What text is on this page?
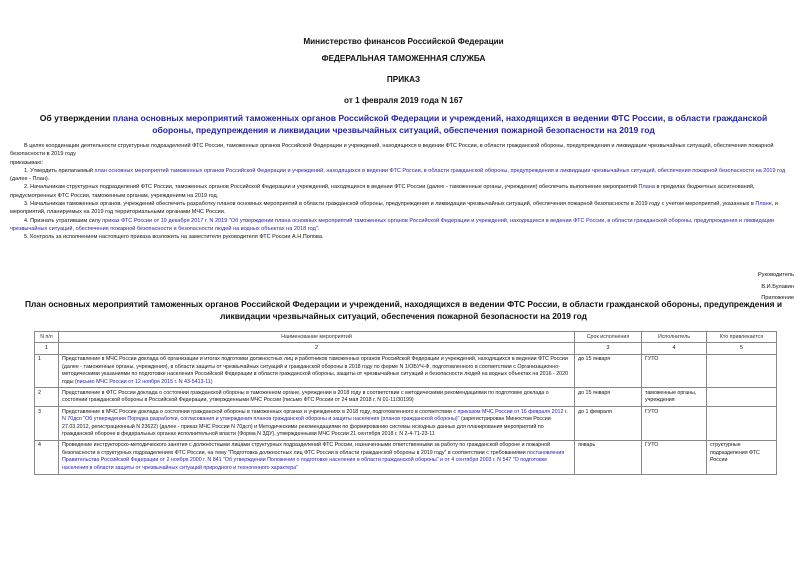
Министерство финансов Российской Федерации
ФЕДЕРАЛЬНАЯ ТАМОЖЕННАЯ СЛУЖБА
ПРИКАЗ
от 1 февраля 2019 года N 167
Об утверждении плана основных мероприятий таможенных органов Российской Федерации и учреждений, находящихся в ведении ФТС России, в области гражданской обороны, предупреждения и ликвидации чрезвычайных ситуаций, обеспечения пожарной безопасности на 2019 год

В целях координации деятельности структурных подразделений ФТС России, таможенных органов Российской Федерации и учреждений, находящихся в ведении ФТС России, в области гражданской обороны, предупреждения и ликвидации чрезвычайных ситуаций, обеспечения пожарной безопасности в 2019 году

приказываю:

1. Утвердить прилагаемый план основных мероприятий таможенных органов Российской Федерации и учреждений, находящихся в ведении ФТС России, в области гражданской обороны, предупреждения и ликвидации чрезвычайных ситуаций, обеспечения пожарной безопасности на 2019 год (далее - План).

2. Начальникам структурных подразделений ФТС России, таможенных органов Российской Федерации и учреждений, находящихся в ведении ФТС России (далее - таможенные органы, учреждения) обеспечить выполнение мероприятий Плана в пределах бюджетных ассигнований, предусмотренных ФТС России, таможенным органам, учреждениям на 2019 год.

3. Начальникам таможенных органов, учреждений обеспечить разработку планов основных мероприятий в области гражданской обороны, предупреждения и ликвидации чрезвычайных ситуаций, обеспечения пожарной безопасности в 2019 году с учетом мероприятий, указанных в Плане, и мероприятий, планируемых на 2019 год территориальными органами МЧС России.

4. Признать утратившим силу приказ ФТС России от 19 декабря 2017 г. N 2019 "Об утверждении плана основных мероприятий таможенных органов Российской Федерации и учреждений, находящихся в ведении ФТС России, в области гражданской обороны, предупреждения и ликвидации чрезвычайных ситуаций, обеспечения пожарной безопасности и безопасности людей на водных объектах на 2018 год".

5. Контроль за исполнением настоящего приказа возложить на заместителя руководителя ФТС России А.Н.Попова.

Руководитель
В.И.Булавин
Приложение
План основных мероприятий таможенных органов Российской Федерации и учреждений, находящихся в ведении ФТС России, в области гражданской обороны, предупреждения и ликвидации чрезвычайных ситуаций, обеспечения пожарной безопасности на 2019 год
N п/п	Наименование мероприятий	Срок исполнения	Исполнитель	Кто привлекается
1	2	3	4	5
1	Представление в МЧС России доклада об организации и итогах подготовки должностных лиц и работников таможенных органов Российской Федерации и учреждений, находящихся в ведении ФТС России (далее - таможенные органы, учреждения), в области защиты от чрезвычайных ситуаций и гражданской обороны в 2018 году по форме N 1/ОБУЧ-Ф, подготовленного в соответствии с Организационно-методическими указаниями по подготовке населения Российской Федерации в области гражданской обороны, защиты от чрезвычайных ситуаций и безопасности людей на водных объектах на 2016 - 2020 годы (письмо МЧС России от 12 ноября 2015 г. N 43-5413-11)	до 15 января	ГУТО	
2	Представление в ФТС России доклада о состоянии гражданской обороны в таможенном органе, учреждении в 2018 году в соответствии с методическими рекомендациями по подготовке доклада о состоянии гражданской обороны в Российской Федерации, утвержденными МЧС России (письмо ФТС России от 24 мая 2018 г. N 01-11/30199)	до 15 января	таможенные органы, учреждения	
3	Представление в МЧС России доклада о состоянии гражданской обороны в таможенных органах и учреждениях в 2018 году, подготовленного в соответствии с приказом МЧС России от 16 февраля 2012 г. N 70дсп "Об утверждении Порядка разработки, согласования и утверждения планов гражданской обороны и защиты населения (планов гражданской обороны)" (зарегистрирован Минюстом России 27.03.2012, регистрационный N 23622) (далее - приказ МЧС России N 70дсп) и Методическими рекомендациями по формированию системы исходных данных для планирования мероприятий по гражданской обороне в федеральных органах исполнительной власти (Форма N 3ДУ), утвержденными МЧС России 21 сентября 2018 г. N 2-4-71-23-11	до 1 февраля	ГУТО	
4	Проведение инструкторско-методического занятия с должностными лицами структурных подразделений ФТС России, назначенными ответственными за работу по гражданской обороне и пожарной безопасности в структурных подразделениях ФТС России, на тему "Подготовка должностных лиц ФТС России в области гражданской обороны в 2019 году" в соответствии с требованиями постановления Правительства Российской Федерации от 2 ноября 2000 г. N 841 "Об утверждении Положения о подготовке населения в области гражданской обороны" и от 4 сентября 2003 г. N 547 "О подготовке населения в области защиты от чрезвычайных ситуаций природного и техногенного характера"	январь	ГУТО	структурные подразделения ФТС России
